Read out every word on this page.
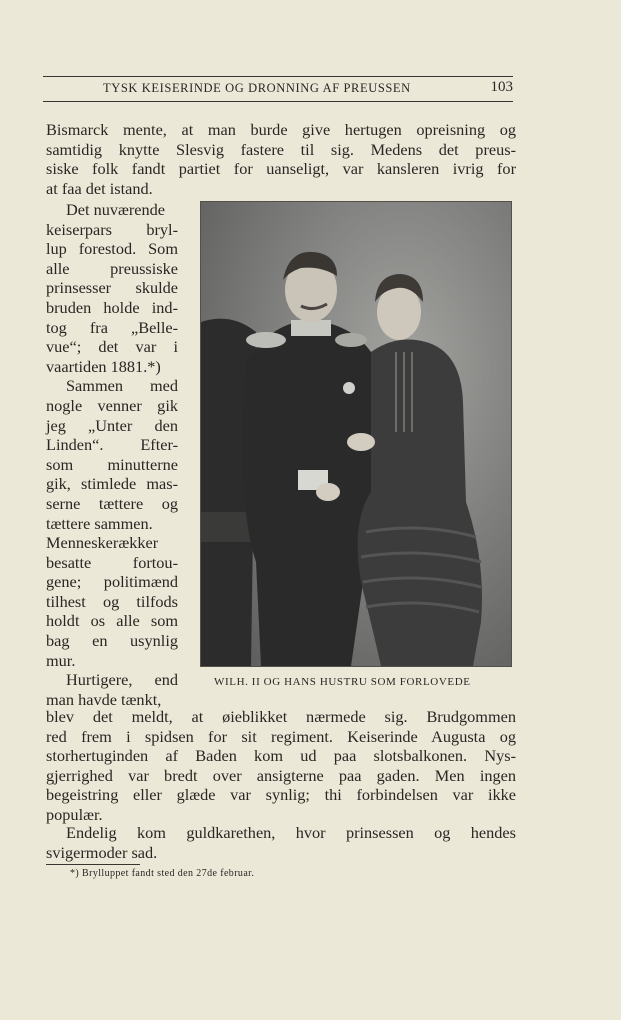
TYSK KEISERINDE OG DRONNING AF PREUSSEN	103
Bismarck mente, at man burde give hertugen opreisning og
samtidig knytte Slesvig fastere til sig. Medens det preus-
siske folk fandt partiet for uanseligt, var kansleren ivrig for
at faa det istand.
Det nuværende
keiserpars bryl-
lup forestod. Som
alle preussiske
prinsesser skulde
bruden holde ind-
tog fra „Belle-
vue“; det var i
vaartiden 1881.*)
Sammen med
nogle venner gik
jeg „Unter den
Linden“. Efter-
som minutterne
gik, stimlede mas-
serne tættere og
tættere sammen.
Menneskerækker
besatte fortou-
gene; politimænd
tilhest og tilfods
holdt os alle som
bag en usynlig
mur.
Hurtigere, end
man havde tænkt,
WILH. II OG HANS HUSTRU SOM FORLOVEDE
blev det meldt, at øieblikket nærmede sig. Brudgommen
red frem i spidsen for sit regiment. Keiserinde Augusta og
storhertuginden af Baden kom ud paa slotsbalkonen. Nys-
gjerrighed var bredt over ansigterne paa gaden. Men ingen
begeistring eller glæde var synlig; thi forbindelsen var ikke
populær.
Endelig kom guldkarethen, hvor prinsessen og hendes
svigermoder sad.
*) Brylluppet fandt sted den 27de februar.
